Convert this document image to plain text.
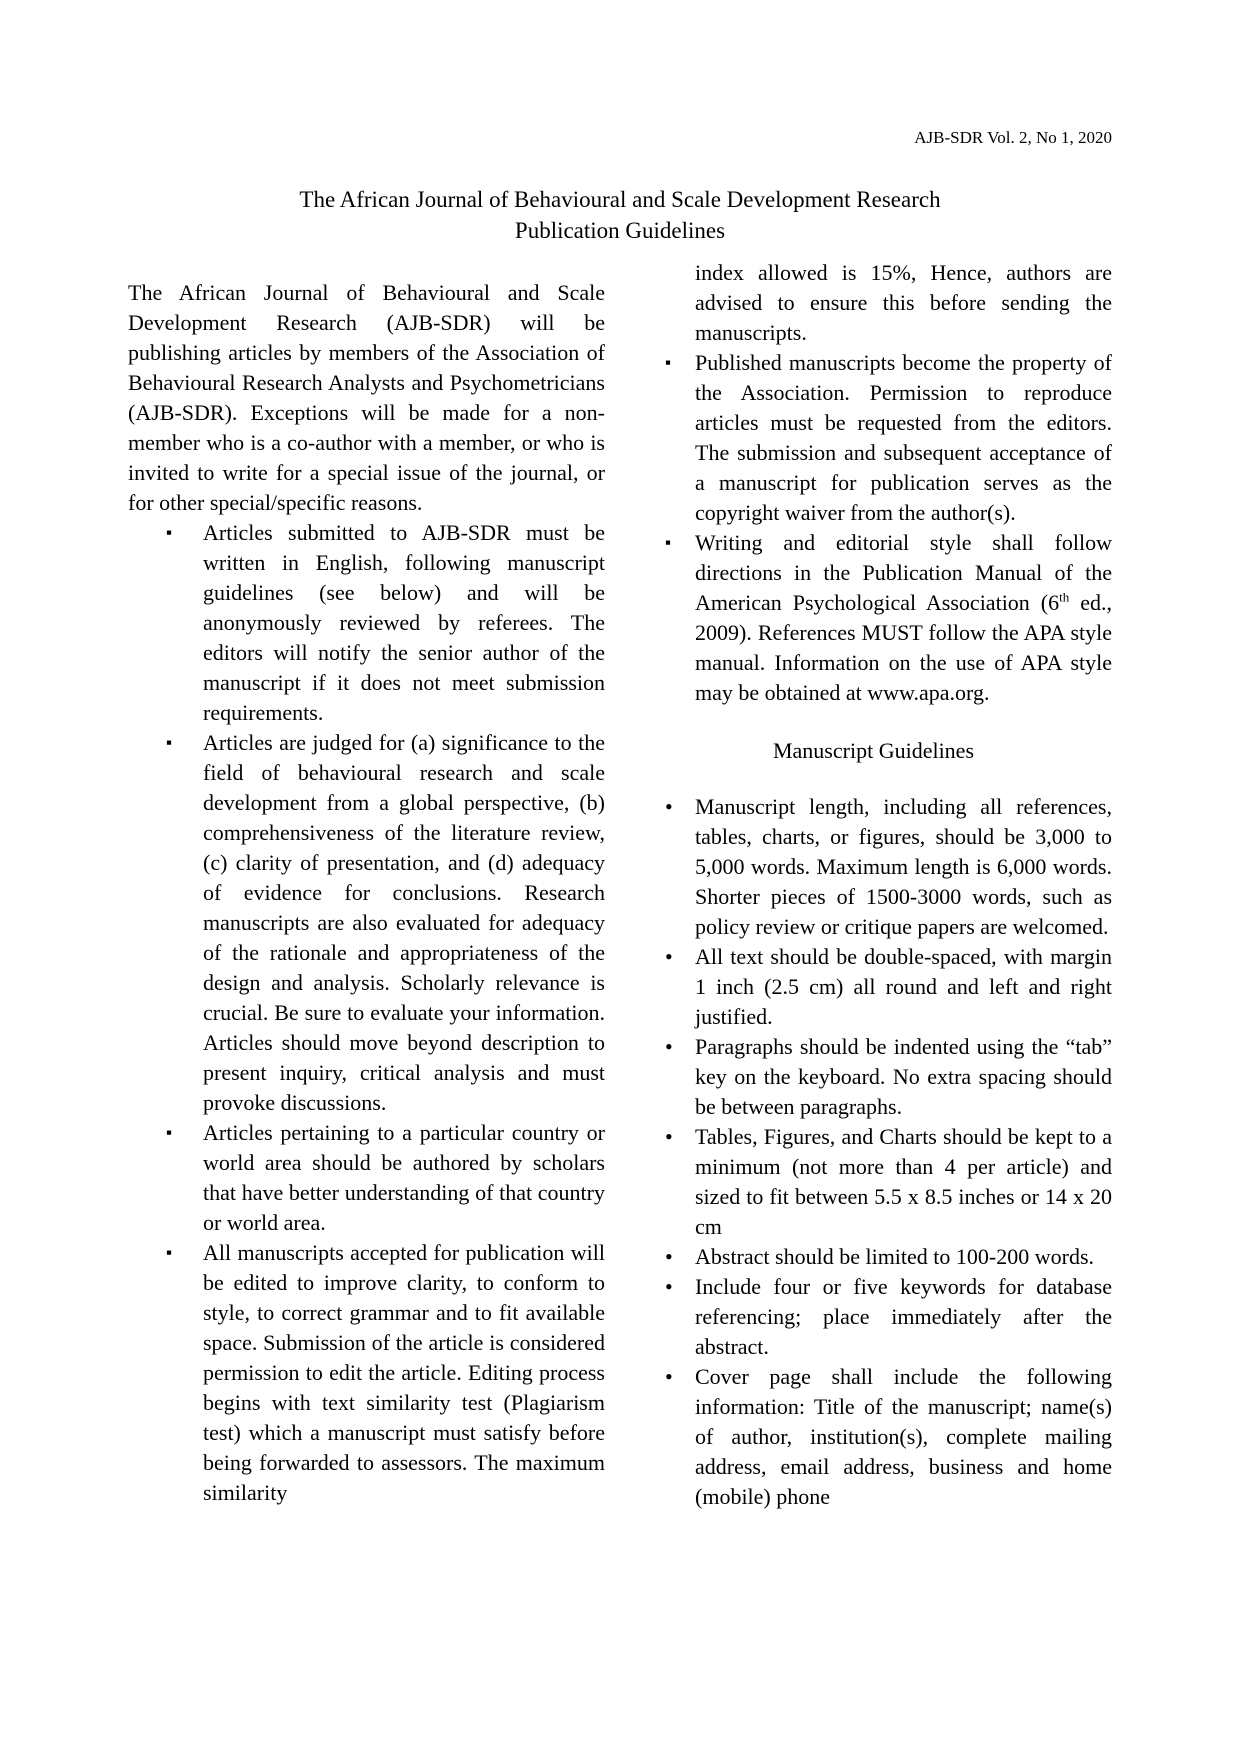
AJB-SDR Vol. 2, No 1, 2020
The African Journal of Behavioural and Scale Development Research
Publication Guidelines

The African Journal of Behavioural and Scale Development Research (AJB-SDR) will be publishing articles by members of the Association of Behavioural Research Analysts and Psychometricians (AJB-SDR). Exceptions will be made for a non-member who is a co-author with a member, or who is invited to write for a special issue of the journal, or for other special/specific reasons.

▪ Articles submitted to AJB-SDR must be written in English, following manuscript guidelines (see below) and will be anonymously reviewed by referees. The editors will notify the senior author of the manuscript if it does not meet submission requirements.
▪ Articles are judged for (a) significance to the field of behavioural research and scale development from a global perspective, (b) comprehensiveness of the literature review, (c) clarity of presentation, and (d) adequacy of evidence for conclusions. Research manuscripts are also evaluated for adequacy of the rationale and appropriateness of the design and analysis. Scholarly relevance is crucial. Be sure to evaluate your information. Articles should move beyond description to present inquiry, critical analysis and must provoke discussions.
▪ Articles pertaining to a particular country or world area should be authored by scholars that have better understanding of that country or world area.
▪ All manuscripts accepted for publication will be edited to improve clarity, to conform to style, to correct grammar and to fit available space. Submission of the article is considered permission to edit the article. Editing process begins with text similarity test (Plagiarism test) which a manuscript must satisfy before being forwarded to assessors. The maximum similarity

index allowed is 15%, Hence, authors are advised to ensure this before sending the manuscripts.

▪ Published manuscripts become the property of the Association. Permission to reproduce articles must be requested from the editors. The submission and subsequent acceptance of a manuscript for publication serves as the copyright waiver from the author(s).
▪ Writing and editorial style shall follow directions in the Publication Manual of the American Psychological Association (6th ed., 2009). References MUST follow the APA style manual. Information on the use of APA style may be obtained at www.apa.org.
Manuscript Guidelines
• Manuscript length, including all references, tables, charts, or figures, should be 3,000 to 5,000 words. Maximum length is 6,000 words. Shorter pieces of 1500-3000 words, such as policy review or critique papers are welcomed.
• All text should be double-spaced, with margin 1 inch (2.5 cm) all round and left and right justified.
• Paragraphs should be indented using the “tab” key on the keyboard. No extra spacing should be between paragraphs.
• Tables, Figures, and Charts should be kept to a minimum (not more than 4 per article) and sized to fit between 5.5 x 8.5 inches or 14 x 20 cm
• Abstract should be limited to 100-200 words.
• Include four or five keywords for database referencing; place immediately after the abstract.
• Cover page shall include the following information: Title of the manuscript; name(s) of author, institution(s), complete mailing address, email address, business and home (mobile) phone
